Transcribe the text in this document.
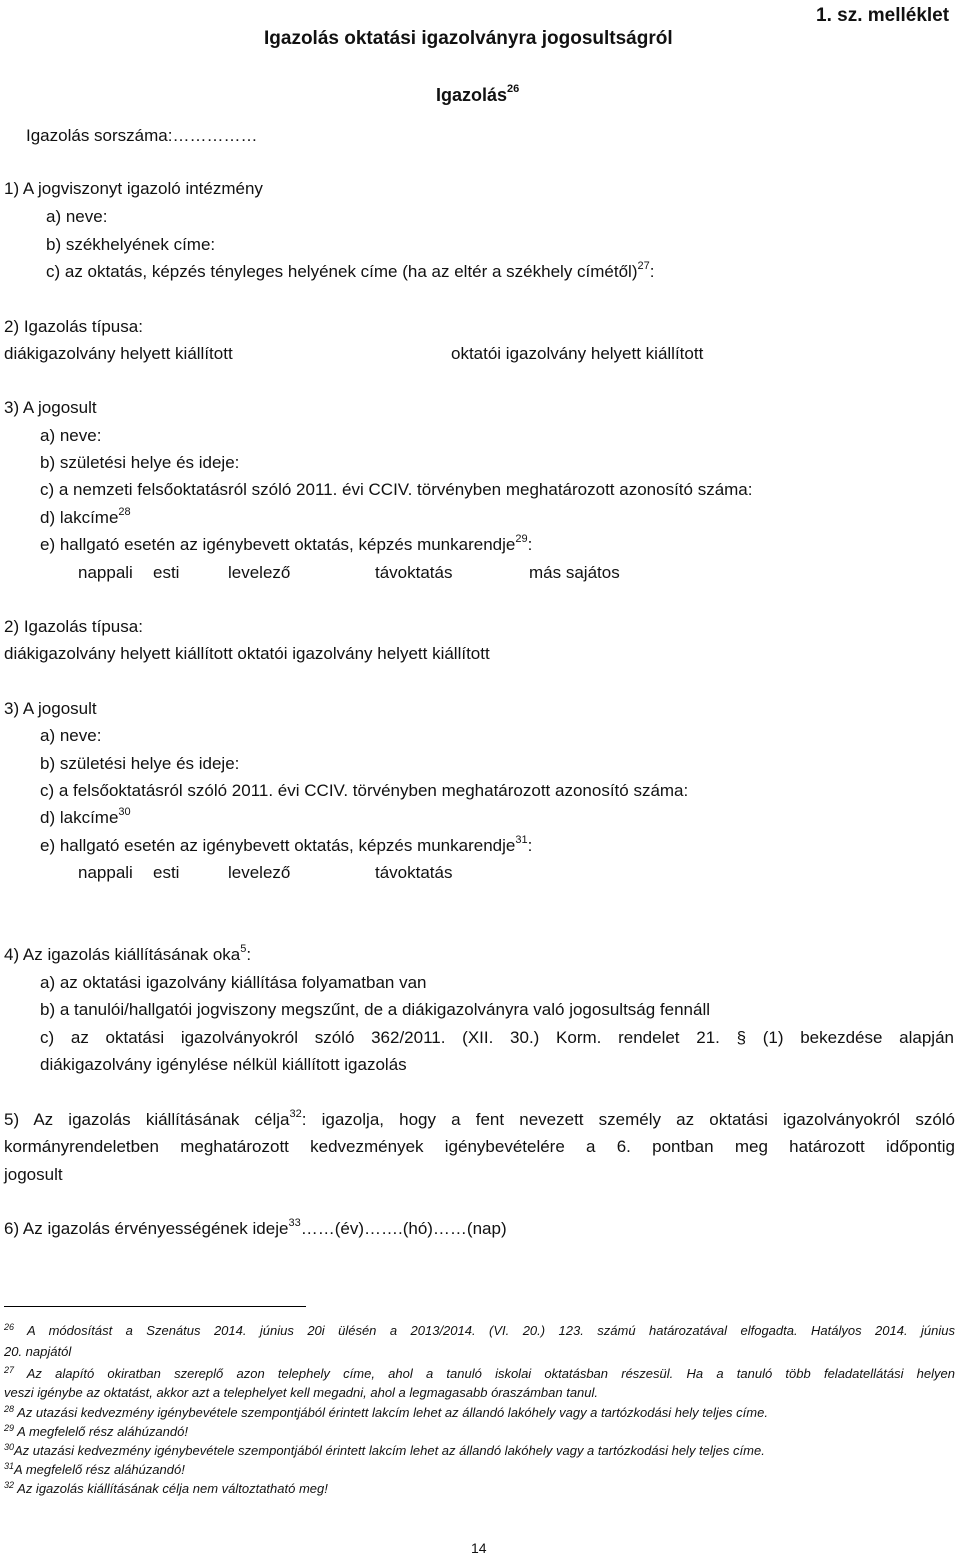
Igazolás oktatási igazolványra jogosultságról
1. sz. melléklet
Igazolás$^{26}$
Igazolás sorszáma:……………
1) A jogviszonyt igazoló intézmény
a) neve:
b) székhelyének címe:
c) az oktatás, képzés tényleges helyének címe (ha az eltér a székhely címétől)$^{27}$:
2) Igazolás típusa:
diákigazolvány helyett kiállított	oktatói igazolvány helyett kiállított
3) A jogosult
a) neve:
b) születési helye és ideje:
c) a nemzeti felsőoktatásról szóló 2011. évi CCIV. törvényben meghatározott azonosító száma:
d) lakcíme$^{28}$
e) hallgató esetén az igénybevett oktatás, képzés munkarendje$^{29}$:
nappali esti	levelező	távoktatás	más sajátos
2) Igazolás típusa:
diákigazolvány helyett kiállított oktatói igazolvány helyett kiállított
3) A jogosult
a) neve:
b) születési helye és ideje:
c) a felsőoktatásról szóló 2011. évi CCIV. törvényben meghatározott azonosító száma:
d) lakcíme$^{30}$
e) hallgató esetén az igénybevett oktatás, képzés munkarendje$^{31}$:
nappali esti	levelező	távoktatás
4) Az igazolás kiállításának oka$^5$:
a) az oktatási igazolvány kiállítása folyamatban van
b) a tanulói/hallgatói jogviszony megszűnt, de a diákigazolványra való jogosultság fennáll
c) az oktatási igazolványokról szóló 362/2011. (XII. 30.) Korm. rendelet 21. § (1) bekezdése alapján
diákigazolvány igénylése nélkül kiállított igazolás
5) Az igazolás kiállításának célja$^{32}$: igazolja, hogy a fent nevezett személy az oktatási igazolványokról szóló
kormányrendeletben meghatározott kedvezmények igénybevételére a 6. pontban meg határozott időpontig
jogosult
6) Az igazolás érvényességének ideje$^{33}$……(év)…….(hó)……(nap)
$^{26}$ A módosítást a Szenátus 2014. június 20i ülésén a 2013/2014. (VI. 20.) 123. számú határozatával elfogadta. Hatályos 2014. június
20. napjától
$^{27}$ Az alapító okiratban szereplő azon telephely címe, ahol a tanuló iskolai oktatásban részesül. Ha a tanuló több feladatellátási helyen
veszi igénybe az oktatást, akkor azt a telephelyet kell megadni, ahol a legmagasabb óraszámban tanul.
$^{28}$ Az utazási kedvezmény igénybevétele szempontjából érintett lakcím lehet az állandó lakóhely vagy a tartózkodási hely teljes címe.
$^{29}$ A megfelelő rész aláhúzandó!
$^{30}$Az utazási kedvezmény igénybevétele szempontjából érintett lakcím lehet az állandó lakóhely vagy a tartózkodási hely teljes címe.
$^{31}$A megfelelő rész aláhúzandó!
$^{32}$ Az igazolás kiállításának célja nem változtatható meg!
14
